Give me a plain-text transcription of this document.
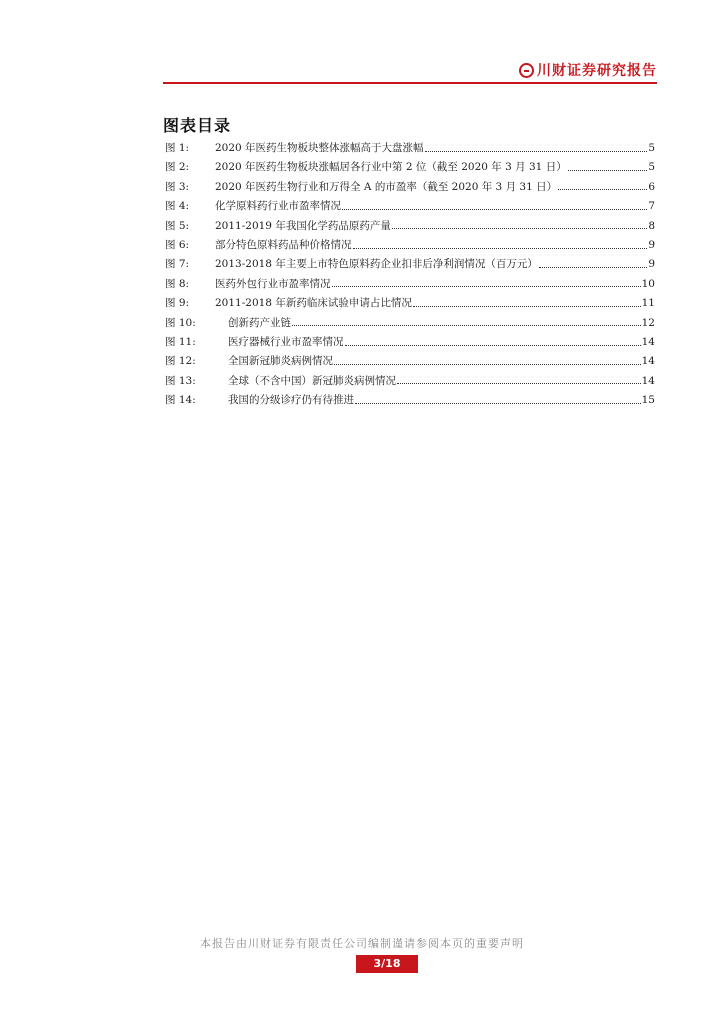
川财证券研究报告
图表目录
图 1:	2020 年医药生物板块整体涨幅高于大盘涨幅	5
图 2:	2020 年医药生物板块涨幅居各行业中第 2 位（截至 2020 年 3 月 31 日）	5
图 3:	2020 年医药生物行业和万得全 A 的市盈率（截至 2020 年 3 月 31 日）	6
图 4:	化学原料药行业市盈率情况	7
图 5:	2011-2019 年我国化学药品原药产量	8
图 6:	部分特色原料药品种价格情况	9
图 7:	2013-2018 年主要上市特色原料药企业扣非后净利润情况（百万元）	9
图 8:	医药外包行业市盈率情况	10
图 9:	2011-2018 年新药临床试验申请占比情况	11
图 10:	创新药产业链	12
图 11:	医疗器械行业市盈率情况	14
图 12:	全国新冠肺炎病例情况	14
图 13:	全球（不含中国）新冠肺炎病例情况	14
图 14:	我国的分级诊疗仍有待推进	15
本报告由川财证券有限责任公司编制谨请参阅本页的重要声明
3/18
